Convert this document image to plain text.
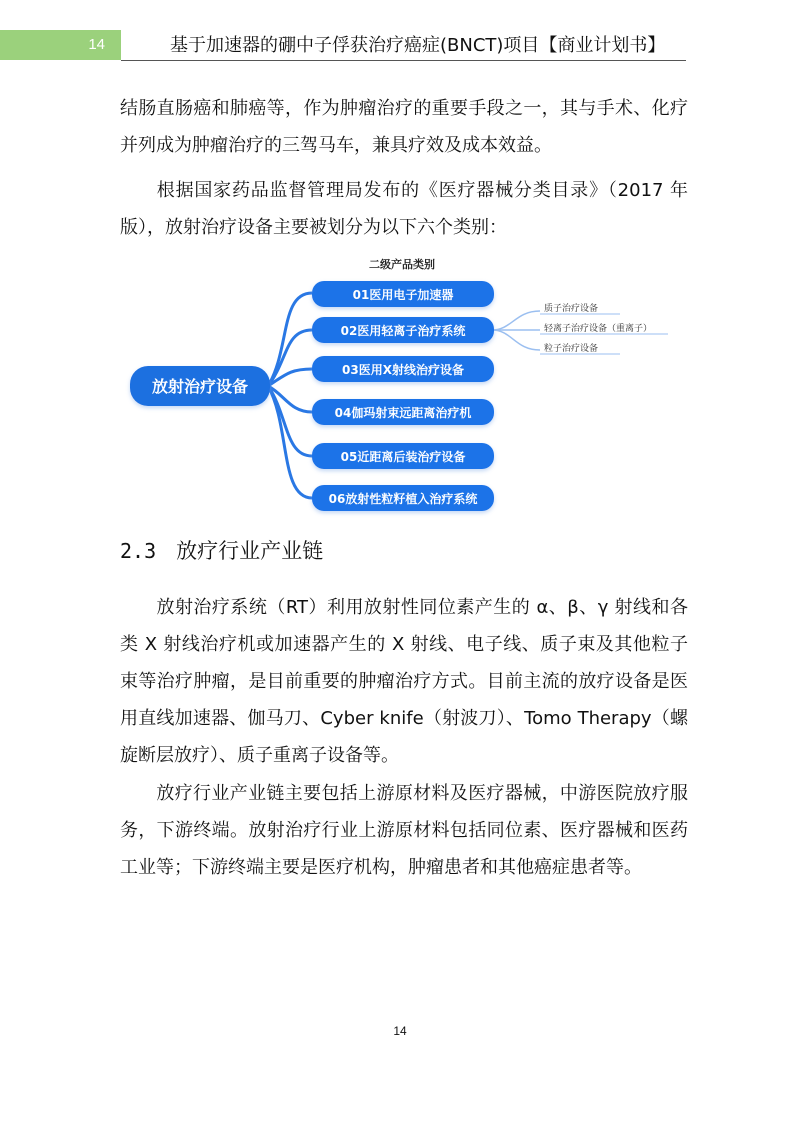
14	基于加速器的硼中子俘获治疗癌症(BNCT)项目【商业计划书】
结肠直肠癌和肺癌等，作为肿瘤治疗的重要手段之一，其与手术、化疗并列成为肿瘤治疗的三驾马车，兼具疗效及成本效益。
根据国家药品监督管理局发布的《医疗器械分类目录》（2017 年版），放射治疗设备主要被划分为以下六个类别：
二级产品类别
放射治疗设备
01医用电子加速器
02医用轻离子治疗系统
03医用X射线治疗设备
04伽玛射束远距离治疗机
05近距离后装治疗设备
06放射性粒籽植入治疗系统
质子治疗设备
轻离子治疗设备（重离子）
粒子治疗设备
2.3 放疗行业产业链
放射治疗系统（RT）利用放射性同位素产生的 α、β、γ 射线和各类 X 射线治疗机或加速器产生的 X 射线、电子线、质子束及其他粒子束等治疗肿瘤，是目前重要的肿瘤治疗方式。目前主流的放疗设备是医用直线加速器、伽马刀、Cyber knife（射波刀）、Tomo Therapy（螺旋断层放疗）、质子重离子设备等。
放疗行业产业链主要包括上游原材料及医疗器械，中游医院放疗服务，下游终端。放射治疗行业上游原材料包括同位素、医疗器械和医药工业等；下游终端主要是医疗机构，肿瘤患者和其他癌症患者等。
14
